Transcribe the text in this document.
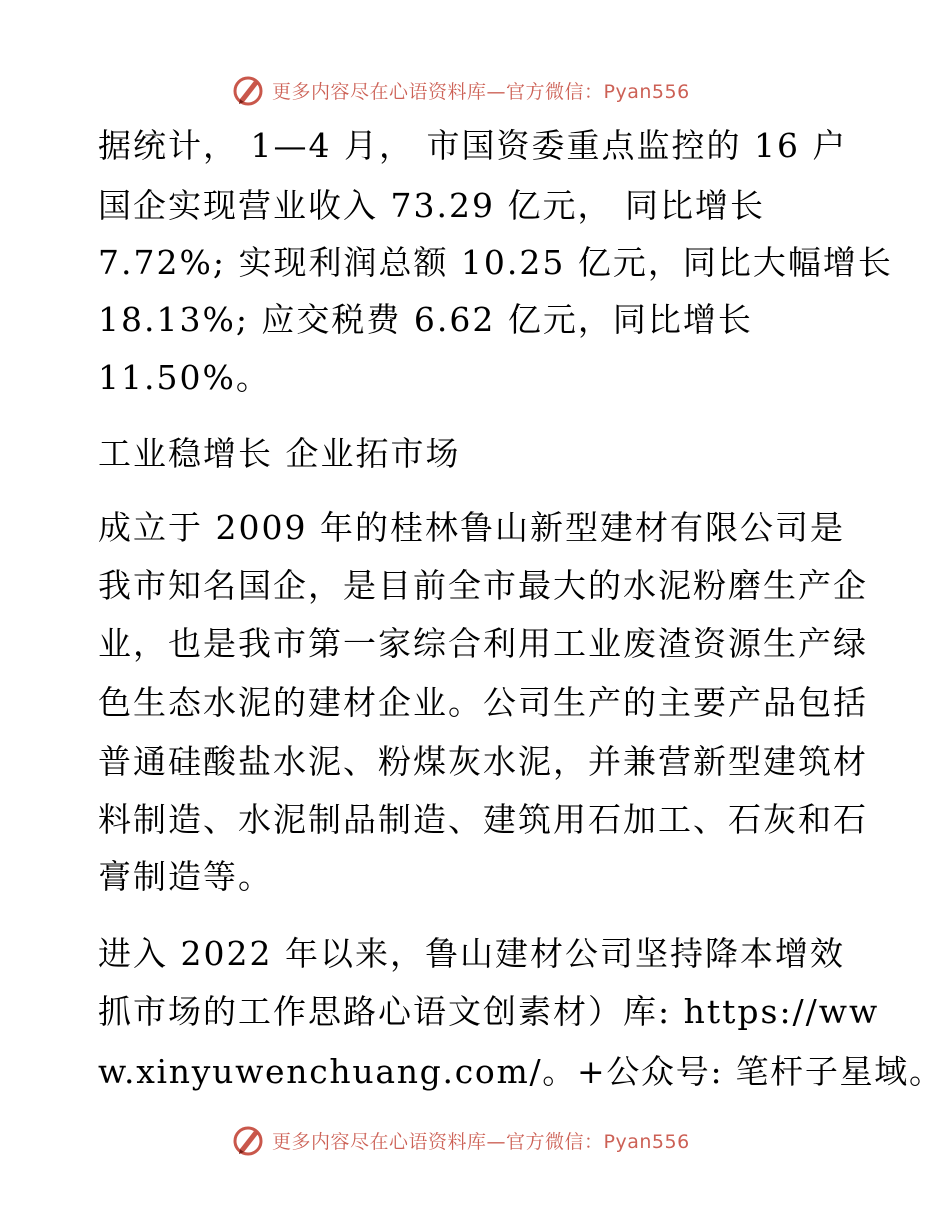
更多内容尽在心语资料库—官方微信：Pyan556
据统计， 1—4 月， 市国资委重点监控的 16 户
国企实现营业收入 73.29 亿元， 同比增长
7.72%; 实现利润总额 10.25 亿元，同比大幅增长
18.13%; 应交税费 6.62 亿元，同比增长
11.50%。
工业稳增长 企业拓市场
成立于 2009 年的桂林鲁山新型建材有限公司是
我市知名国企，是目前全市最大的水泥粉磨生产企
业，也是我市第一家综合利用工业废渣资源生产绿
色生态水泥的建材企业。公司生产的主要产品包括
普通硅酸盐水泥、粉煤灰水泥，并兼营新型建筑材
料制造、水泥制品制造、建筑用石加工、石灰和石
膏制造等。
进入 2022 年以来，鲁山建材公司坚持降本增效
抓市场的工作思路心语文创素材）库: https://ww
w.xinyuwenchuang.com/。+公众号: 笔杆子星域。
更多内容尽在心语资料库—官方微信：Pyan556
